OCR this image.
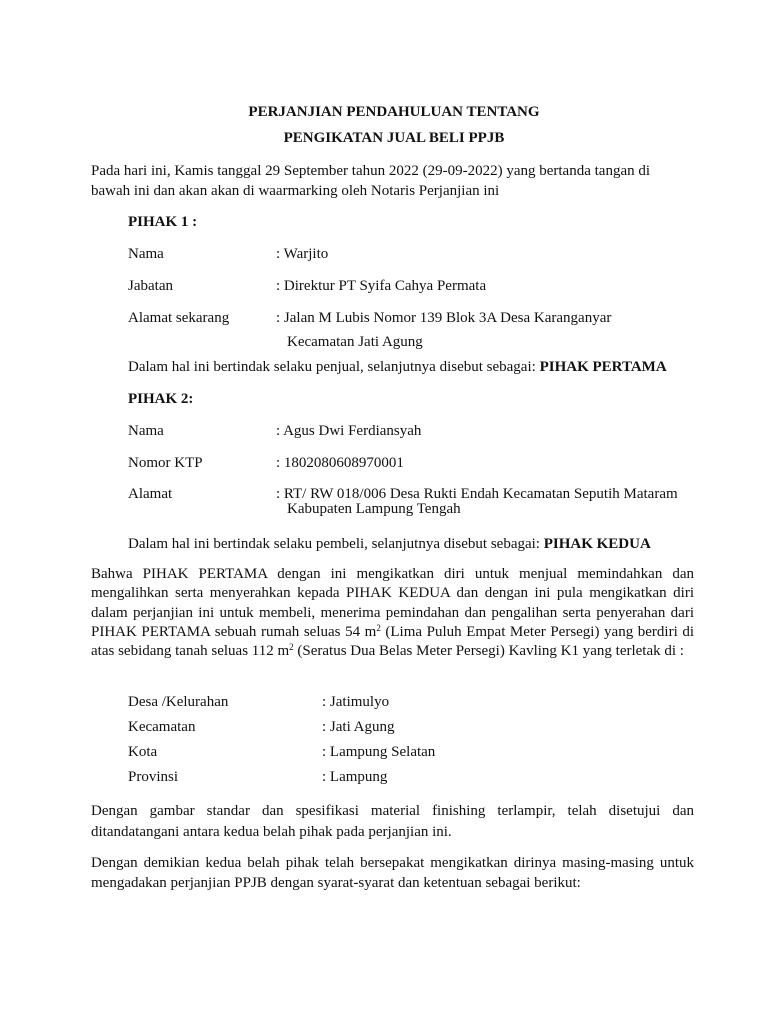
PERJANJIAN PENDAHULUAN TENTANG
PENGIKATAN JUAL BELI PPJB
Pada hari ini, Kamis tanggal 29 September tahun 2022 (29-09-2022) yang bertanda tangan di
bawah ini dan akan akan di waarmarking oleh Notaris Perjanjian ini
PIHAK 1 :
Nama	: Warjito
Jabatan	: Direktur PT Syifa Cahya Permata
Alamat sekarang	: Jalan M Lubis Nomor 139 Blok 3A Desa Karanganyar
Kecamatan Jati Agung
Dalam hal ini bertindak selaku penjual, selanjutnya disebut sebagai: PIHAK PERTAMA
PIHAK 2:
Nama	: Agus Dwi Ferdiansyah
Nomor KTP	: 1802080608970001
Alamat	: RT/ RW 018/006 Desa Rukti Endah Kecamatan Seputih Mataram
Kabupaten Lampung Tengah
Dalam hal ini bertindak selaku pembeli, selanjutnya disebut sebagai: PIHAK KEDUA
Bahwa PIHAK PERTAMA dengan ini mengikatkan diri untuk menjual memindahkan dan mengalihkan serta menyerahkan kepada PIHAK KEDUA dan dengan ini pula mengikatkan diri dalam perjanjian ini untuk membeli, menerima pemindahan dan pengalihan serta penyerahan dari PIHAK PERTAMA sebuah rumah seluas 54 $m^2$ (Lima Puluh Empat Meter Persegi) yang berdiri di atas sebidang tanah seluas 112 $m^2$ (Seratus Dua Belas Meter Persegi) Kavling K1 yang terletak di :
Desa /Kelurahan	: Jatimulyo
Kecamatan	: Jati Agung
Kota	: Lampung Selatan
Provinsi	: Lampung
Dengan gambar standar dan spesifikasi material finishing terlampir, telah disetujui dan ditandatangani antara kedua belah pihak pada perjanjian ini.
Dengan demikian kedua belah pihak telah bersepakat mengikatkan dirinya masing-masing untuk mengadakan perjanjian PPJB dengan syarat-syarat dan ketentuan sebagai berikut:
